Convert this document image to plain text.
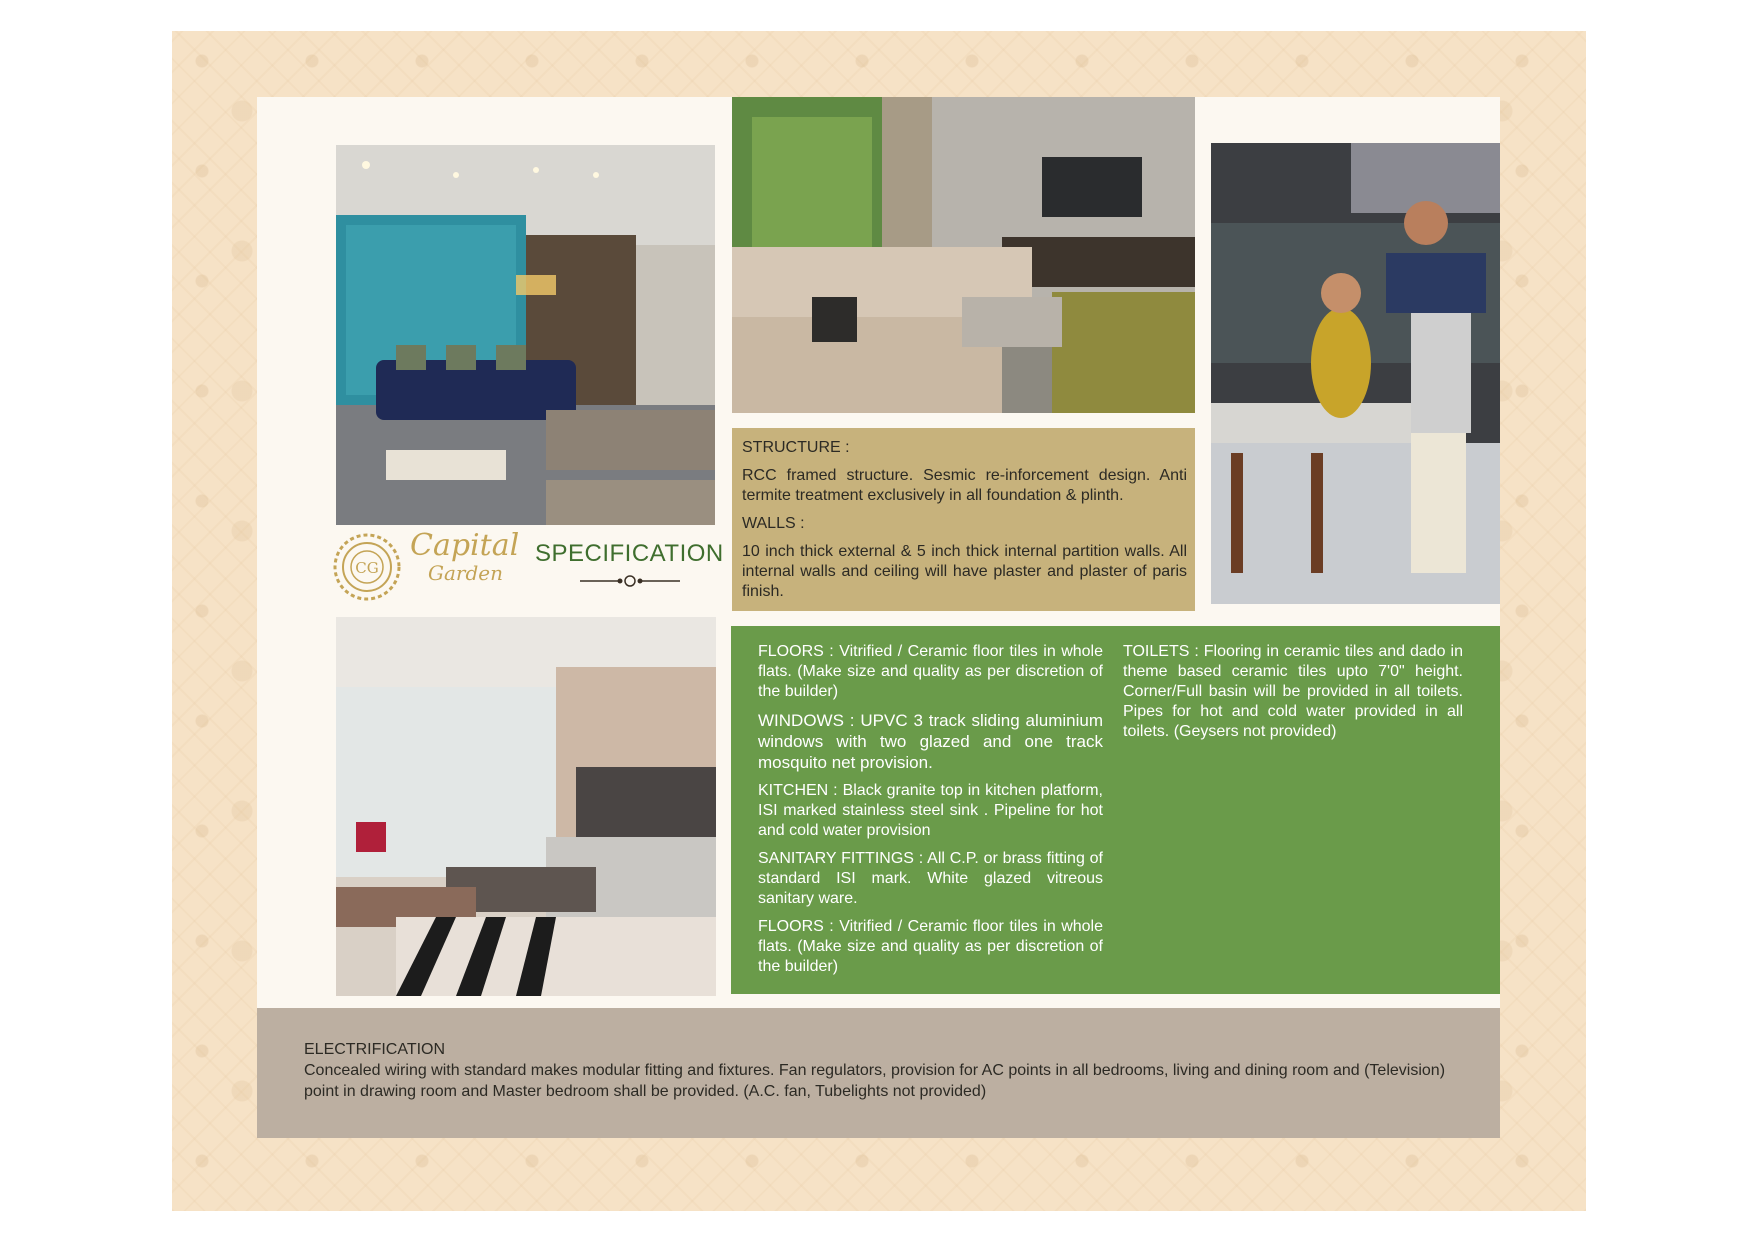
CG
Capital
Garden
SPECIFICATION
STRUCTURE :
RCC framed structure. Sesmic re-inforcement design. Anti termite treatment exclusively in all foundation & plinth.
WALLS :
10 inch thick external & 5 inch thick internal partition walls. All internal walls and ceiling will have plaster and plaster of paris finish.
FLOORS : Vitrified / Ceramic floor tiles in whole flats. (Make size and quality as per discretion of the builder)
WINDOWS : UPVC 3 track sliding aluminium windows with two glazed and one track mosquito net provision.
KITCHEN : Black granite top in kitchen platform, ISI marked stainless steel sink . Pipeline for hot and cold water provision
SANITARY FITTINGS : All C.P. or brass fitting of standard ISI mark. White glazed vitreous sanitary ware.
FLOORS : Vitrified / Ceramic floor tiles in whole flats. (Make size and quality as per discretion of the builder)
TOILETS : Flooring in ceramic tiles and dado in theme based ceramic tiles upto 7'0" height. Corner/Full basin will be provided in all toilets. Pipes for hot and cold water provided in all toilets. (Geysers not provided)
ELECTRIFICATION
Concealed wiring with standard makes modular fitting and fixtures. Fan regulators, provision for AC points in all bedrooms, living and dining room and (Television) point in drawing room and Master bedroom shall be provided. (A.C. fan, Tubelights not provided)
